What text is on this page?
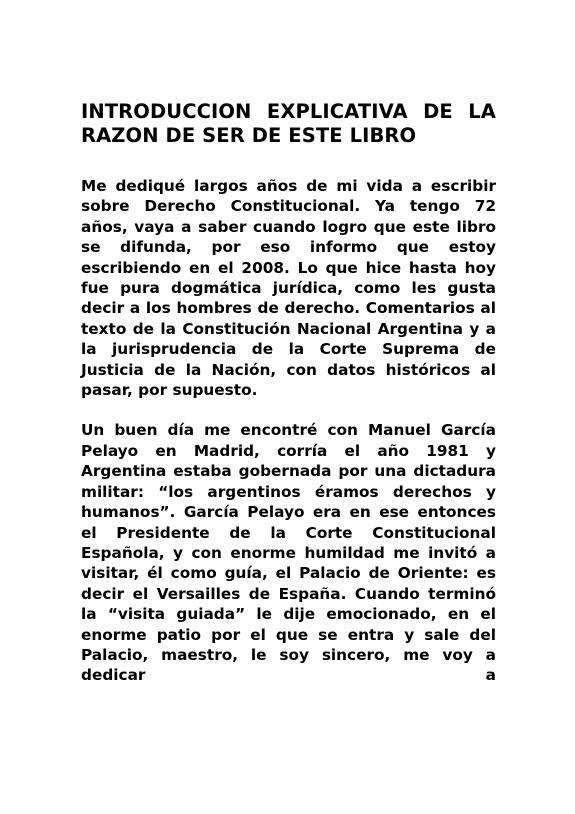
INTRODUCCION EXPLICATIVA DE LA RAZON DE SER DE ESTE LIBRO

Me dediqué largos años de mi vida a escribir sobre Derecho Constitucional. Ya tengo 72 años, vaya a saber cuando logro que este libro se difunda, por eso informo que estoy escribiendo en el 2008. Lo que hice hasta hoy fue pura dogmática jurídica, como les gusta decir a los hombres de derecho. Comentarios al texto de la Constitución Nacional Argentina y a la jurisprudencia de la Corte Suprema de Justicia de la Nación, con datos históricos al pasar, por supuesto.

Un buen día me encontré con Manuel García Pelayo en Madrid, corría el año 1981 y Argentina estaba gobernada por una dictadura militar: “los argentinos éramos derechos y humanos”. García Pelayo era en ese entonces el Presidente de la Corte Constitucional Española, y con enorme humildad me invitó a visitar, él como guía, el Palacio de Oriente: es decir el Versailles de España. Cuando terminó la “visita guiada” le dije emocionado, en el enorme patio por el que se entra y sale del Palacio, maestro, le soy sincero, me voy a dedicar a
